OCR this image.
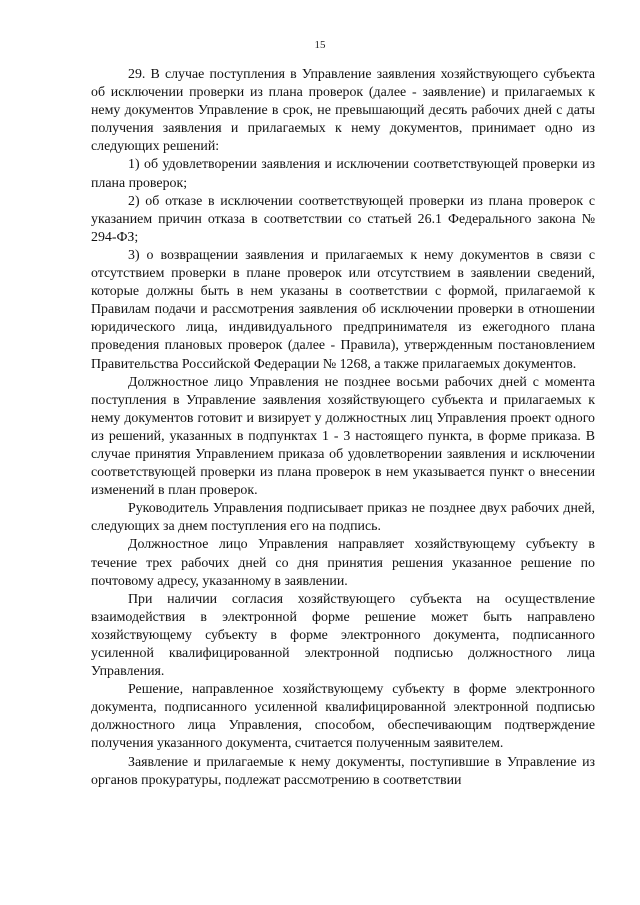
15

29. В случае поступления в Управление заявления хозяйствующего субъекта об исключении проверки из плана проверок (далее - заявление) и прилагаемых к нему документов Управление в срок, не превышающий десять рабочих дней с даты получения заявления и прилагаемых к нему документов, принимает одно из следующих решений:

1) об удовлетворении заявления и исключении соответствующей проверки из плана проверок;

2) об отказе в исключении соответствующей проверки из плана проверок с указанием причин отказа в соответствии со статьей 26.1 Федерального закона № 294-ФЗ;

3) о возвращении заявления и прилагаемых к нему документов в связи с отсутствием проверки в плане проверок или отсутствием в заявлении сведений, которые должны быть в нем указаны в соответствии с формой, прилагаемой к Правилам подачи и рассмотрения заявления об исключении проверки в отношении юридического лица, индивидуального предпринимателя из ежегодного плана проведения плановых проверок (далее - Правила), утвержденным постановлением Правительства Российской Федерации № 1268, а также прилагаемых документов.

Должностное лицо Управления не позднее восьми рабочих дней с момента поступления в Управление заявления хозяйствующего субъекта и прилагаемых к нему документов готовит и визирует у должностных лиц Управления проект одного из решений, указанных в подпунктах 1 - 3 настоящего пункта, в форме приказа. В случае принятия Управлением приказа об удовлетворении заявления и исключении соответствующей проверки из плана проверок в нем указывается пункт о внесении изменений в план проверок.

Руководитель Управления подписывает приказ не позднее двух рабочих дней, следующих за днем поступления его на подпись.

Должностное лицо Управления направляет хозяйствующему субъекту в течение трех рабочих дней со дня принятия решения указанное решение по почтовому адресу, указанному в заявлении.

При наличии согласия хозяйствующего субъекта на осуществление взаимодействия в электронной форме решение может быть направлено хозяйствующему субъекту в форме электронного документа, подписанного усиленной квалифицированной электронной подписью должностного лица Управления.

Решение, направленное хозяйствующему субъекту в форме электронного документа, подписанного усиленной квалифицированной электронной подписью должностного лица Управления, способом, обеспечивающим подтверждение получения указанного документа, считается полученным заявителем.

Заявление и прилагаемые к нему документы, поступившие в Управление из органов прокуратуры, подлежат рассмотрению в соответствии
